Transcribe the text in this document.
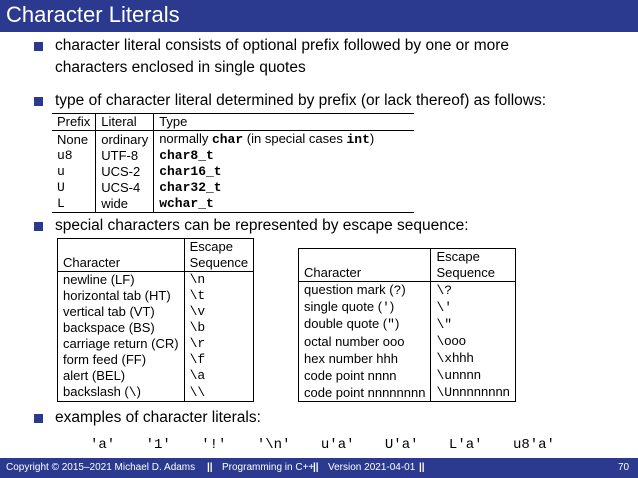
Character Literals
character literal consists of optional prefix followed by one or more
characters enclosed in single quotes
type of character literal determined by prefix (or lack thereof) as follows:
Prefix	Literal	Type
None	ordinary	normally char (in special cases int)
u8	UTF-8	char8_t
u	UCS-2	char16_t
U	UCS-4	char32_t
L	wide	wchar_t
special characters can be represented by escape sequence:
Character	Escape
Sequence

newline (LF)	\n
horizontal tab (HT)	\t
vertical tab (VT)	\v
backspace (BS)	\b
carriage return (CR)	\r
form feed (FF)	\f
alert (BEL)	\a
backslash (\)	\\
Character	Escape
Sequence

question mark (?)	\?
single quote (')	\'
double quote (")	\"
octal number ooo	\ooo
hex number hhh	\xhhh
code point nnnn	\unnnn
code point nnnnnnnn	\Unnnnnnnn
examples of character literals:
'a' '1' '!' '\n' u'a' U'a' L'a' u8'a'
Copyright © 2015–2021 Michael D. Adams || Programming in C++
|| Version 2021-04-01 ||	70
